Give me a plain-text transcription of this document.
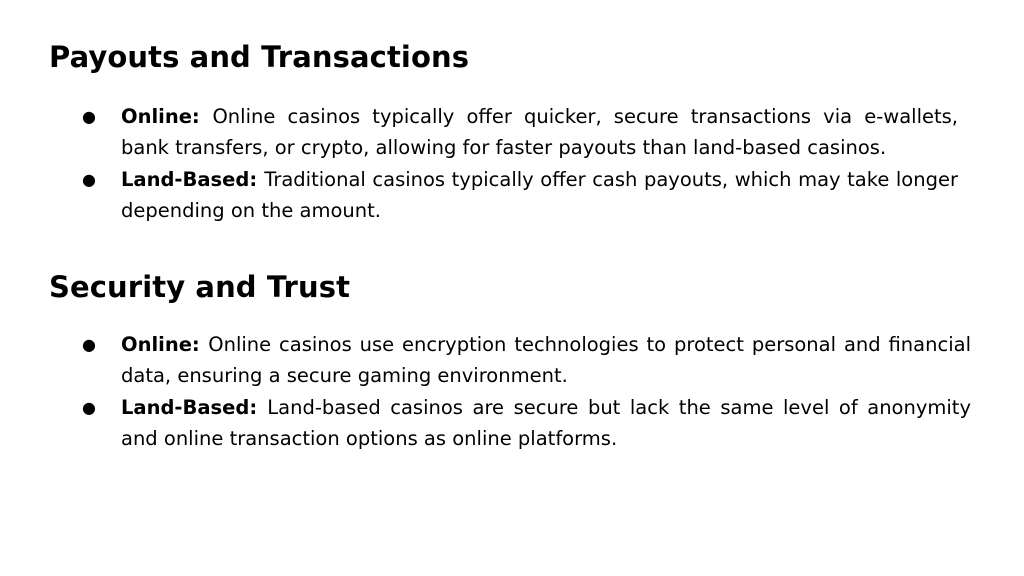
Payouts and Transactions
● Online: Online casinos typically offer quicker, secure transactions via e-wallets, bank transfers, or crypto, allowing for faster payouts than land-based casinos.
● Land-Based: Traditional casinos typically offer cash payouts, which may take longer depending on the amount.
Security and Trust
● Online: Online casinos use encryption technologies to protect personal and financial data, ensuring a secure gaming environment.
● Land-Based: Land-based casinos are secure but lack the same level of anonymity and online transaction options as online platforms.
